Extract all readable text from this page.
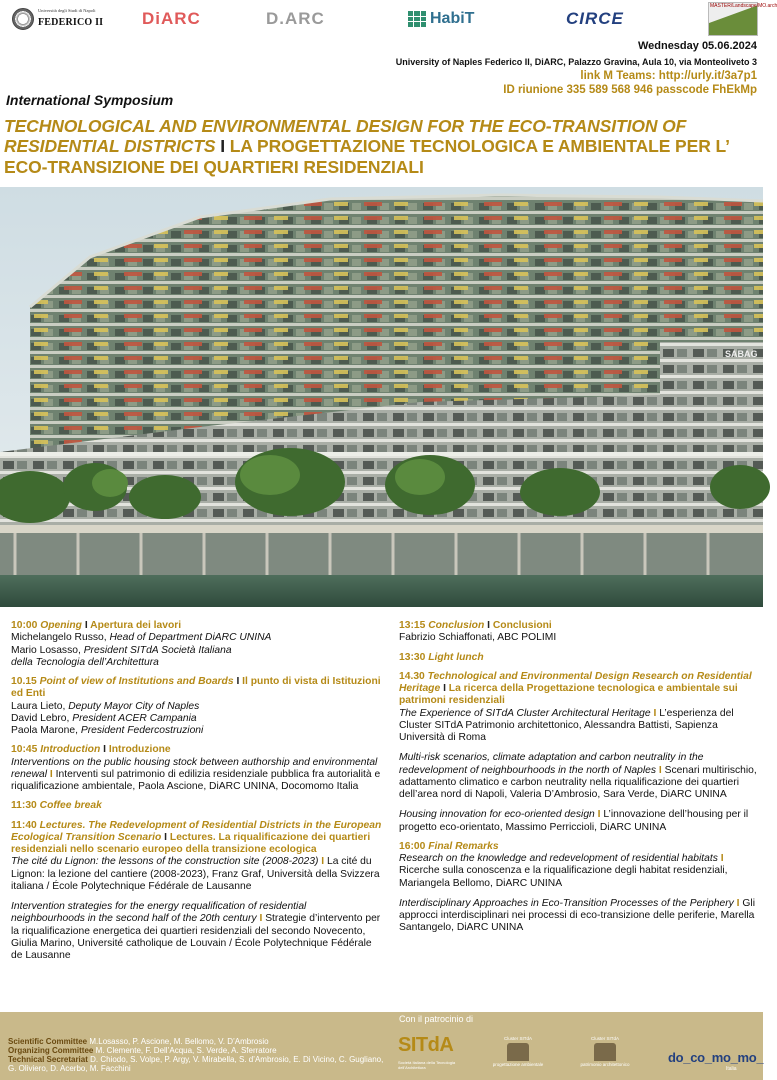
Università degli Studi di Napoli
FEDERICO II DiARC	D.ARC	HabiT	CIRCE
MASTER/Landscape/MO.arch
Wednesday 05.06.2024
University of Naples Federico II, DiARC, Palazzo Gravina, Aula 10, via Monteoliveto 3
link M Teams: http://urly.it/3a7p1
ID riunione 335 589 568 946 passcode FhEkMp
International Symposium
TECHNOLOGICAL AND ENVIRONMENTAL DESIGN FOR THE ECO-TRANSITION OF RESIDENTIAL DISTRICTS I LA PROGETTAZIONE TECNOLOGICA E AMBIENTALE PER L’ ECO-TRANSIZIONE DEI QUARTIERI RESIDENZIALI
SABAG

10:00 Opening I Apertura dei lavori

Michelangelo Russo, Head of Department DiARC UNINA

Mario Losasso, President SITdA Società Italiana

della Tecnologia dell’Architettura

10.15 Point of view of Institutions and Boards I Il punto di vista di Istituzioni ed Enti

Laura Lieto, Deputy Mayor City of Naples

David Lebro, President ACER Campania

Paola Marone, President Federcostruzioni

10:45 Introduction I Introduzione

Interventions on the public housing stock between authorship and environmental renewal I Interventi sul patrimonio di edilizia residenziale pubblica fra autorialità e riqualificazione ambientale, Paola Ascione, DiARC UNINA, Docomomo Italia

11:30 Coffee break

11:40 Lectures. The Redevelopment of Residential Districts in the European Ecological Transition Scenario I Lectures. La riqualificazione dei quartieri residenziali nello scenario europeo della transizione ecologica

The cité du Lignon: the lessons of the construction site (2008-2023) I La cité du Lignon: la lezione del cantiere (2008-2023), Franz Graf, Università della Svizzera italiana / École Polytechnique Fédérale de Lausanne

Intervention strategies for the energy requalification of residential neighbourhoods in the second half of the 20th century I Strategie d’intervento per la riqualificazione energetica dei quartieri residenziali del secondo Novecento, Giulia Marino, Université catholique de Louvain / École Polytechnique Fédérale de Lausanne

13:15 Conclusion I Conclusioni

Fabrizio Schiaffonati, ABC POLIMI

13:30 Light lunch

14.30 Technological and Environmental Design Research on Residential Heritage I La ricerca della Progettazione tecnologica e ambientale sui patrimoni residenziali

The Experience of SITdA Cluster Architectural Heritage I L’esperienza del Cluster SITdA Patrimonio architettonico, Alessandra Battisti, Sapienza Università di Roma

Multi-risk scenarios, climate adaptation and carbon neutrality in the redevelopment of neighbourhoods in the north of Naples I Scenari multirischio, adattamento climatico e carbon neutrality nella riqualificazione dei quartieri dell’area nord di Napoli, Valeria D’Ambrosio, Sara Verde, DiARC UNINA

Housing innovation for eco-oriented design I L’innovazione dell’housing per il progetto eco-orientato, Massimo Perriccioli, DiARC UNINA

16:00 Final Remarks

Research on the knowledge and redevelopment of residential habitats I Ricerche sulla conoscenza e la riqualificazione degli habitat residenziali, Mariangela Bellomo, DiARC UNINA

Interdisciplinary Approaches in Eco-Transition Processes of the Periphery I Gli approcci interdisciplinari nei processi di eco-transizione delle periferie, Marella Santangelo, DiARC UNINA

Scientific Committee M.Losasso, P. Ascione, M. Bellomo, V. D’Ambrosio

Organizing Committee M. Clemente, F. Dell’Acqua, S. Verde, A. Sferratore

Technical Secretariat D. Chiodo, S. Volpe, P. Argy, V. Mirabella, S. d’Ambrosio, E. Di Vicino, C. Gugliano, G. Oliviero, D. Acerbo, M. Facchini

Con il patrocinio di
SITdA
Società Italiana della Tecnologia dell’Architettura
Cluster SITdA
progettazione ambientale
Cluster SITdA
patrimonio architettonico	do_co_mo_mo_
Italia
